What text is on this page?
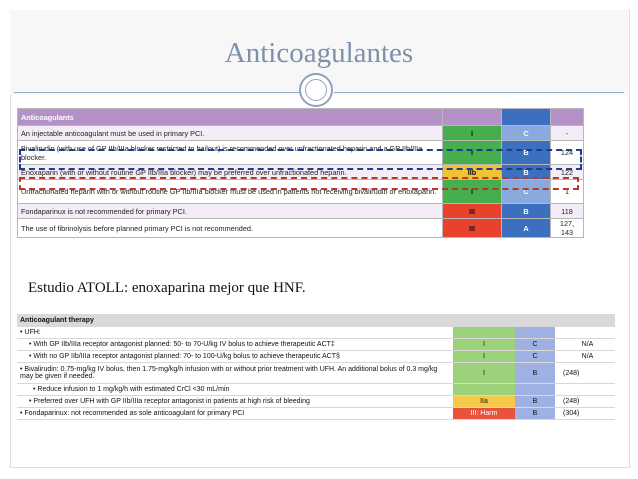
Anticoagulantes
Anticoagulants			
An injectable anticoagulant must be used in primary PCI.	I	C	-
Bivalirudin (with use of GP IIb/IIIa blocker restricted to bailout) is recommended over unfractionated heparin and a GP IIb/IIIa blocker.	I	B	124
Enoxaparin (with or without routine GP IIb/IIIa blocker) may be preferred over unfractionated heparin.	IIb	B	122
Unfractionated heparin with or without routine GP IIb/IIIa blocker must be used in patients not receiving bivalirudin or enoxaparin.	I	C	1
Fondaparinux is not recommended for primary PCI.	III	B	118
The use of fibrinolysis before planned primary PCI is not recommended.	III	A	127, 143
Estudio ATOLL: enoxaparina mejor que HNF.
Anticoagulant therapy			
• UFH:			
• With GP IIb/IIIa receptor antagonist planned: 50- to 70-U/kg IV bolus to achieve therapeutic ACT‡	I	C	N/A
• With no GP IIb/IIIa receptor antagonist planned: 70- to 100-U/kg bolus to achieve therapeutic ACT§	I	C	N/A
• Bivalirudin: 0.75-mg/kg IV bolus, then 1.75-mg/kg/h infusion with or without prior treatment with UFH. An additional bolus of 0.3 mg/kg may be given if needed.	I	B	(248)
• Reduce infusion to 1 mg/kg/h with estimated CrCl <30 mL/min			
• Preferred over UFH with GP IIb/IIIa receptor antagonist in patients at high risk of bleeding	IIa	B	(248)
• Fondaparinux: not recommended as sole anticoagulant for primary PCI	III: Harm	B	(304)
